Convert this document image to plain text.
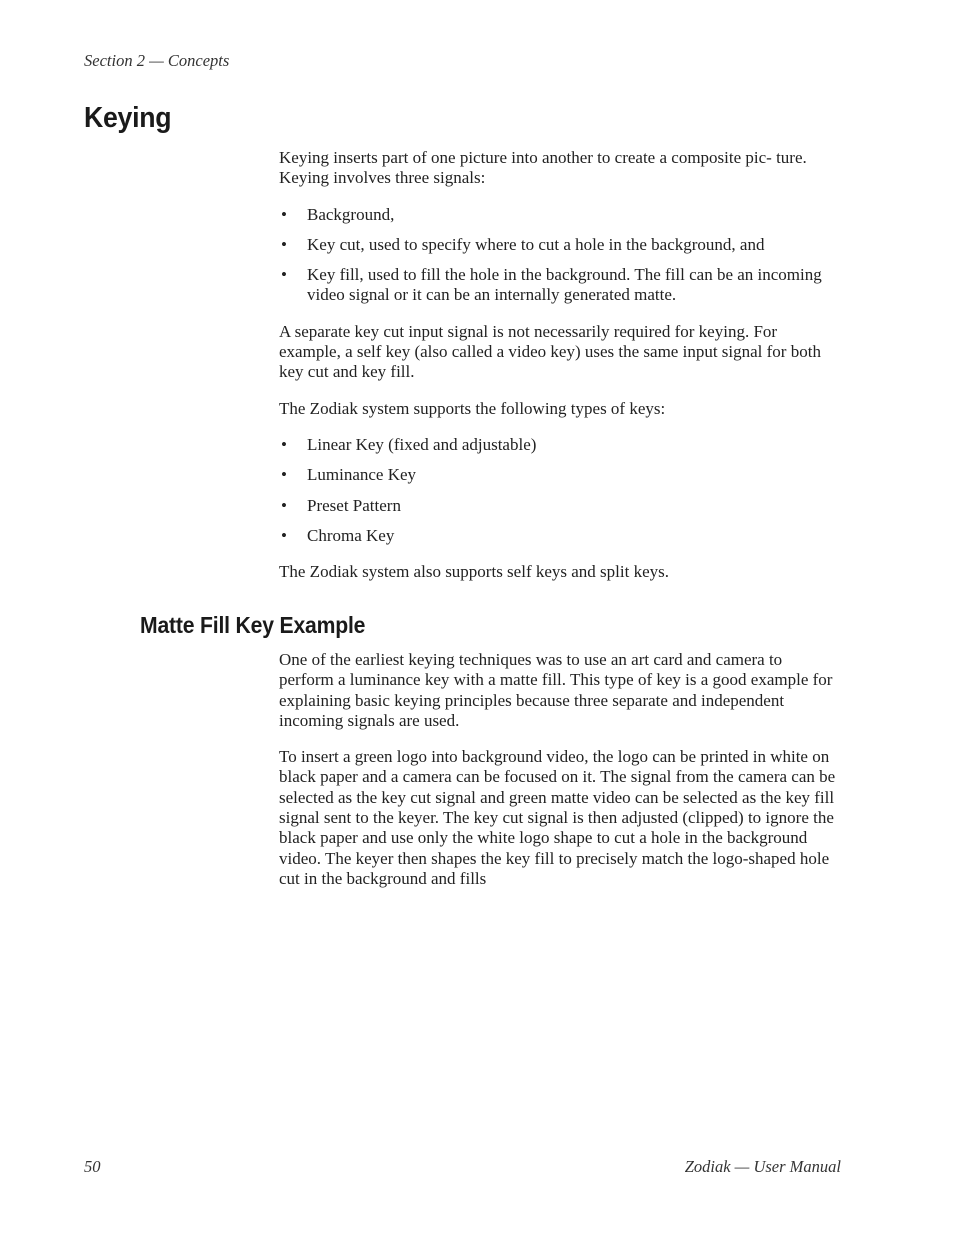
Section 2 — Concepts
Keying

Keying inserts part of one picture into another to create a composite pic- ture. Keying involves three signals:

• Background,
• Key cut, used to specify where to cut a hole in the background, and
• Key fill, used to fill the hole in the background. The fill can be an incoming video signal or it can be an internally generated matte.

A separate key cut input signal is not necessarily required for keying. For example, a self key (also called a video key) uses the same input signal for both key cut and key fill.

The Zodiak system supports the following types of keys:

• Linear Key (fixed and adjustable)
• Luminance Key
• Preset Pattern
• Chroma Key

The Zodiak system also supports self keys and split keys.

Matte Fill Key Example

One of the earliest keying techniques was to use an art card and camera to perform a luminance key with a matte fill. This type of key is a good example for explaining basic keying principles because three separate and independent incoming signals are used.

To insert a green logo into background video, the logo can be printed in white on black paper and a camera can be focused on it. The signal from the camera can be selected as the key cut signal and green matte video can be selected as the key fill signal sent to the keyer. The key cut signal is then adjusted (clipped) to ignore the black paper and use only the white logo shape to cut a hole in the background video. The keyer then shapes the key fill to precisely match the logo-shaped hole cut in the background and fills

50	Zodiak — User Manual
